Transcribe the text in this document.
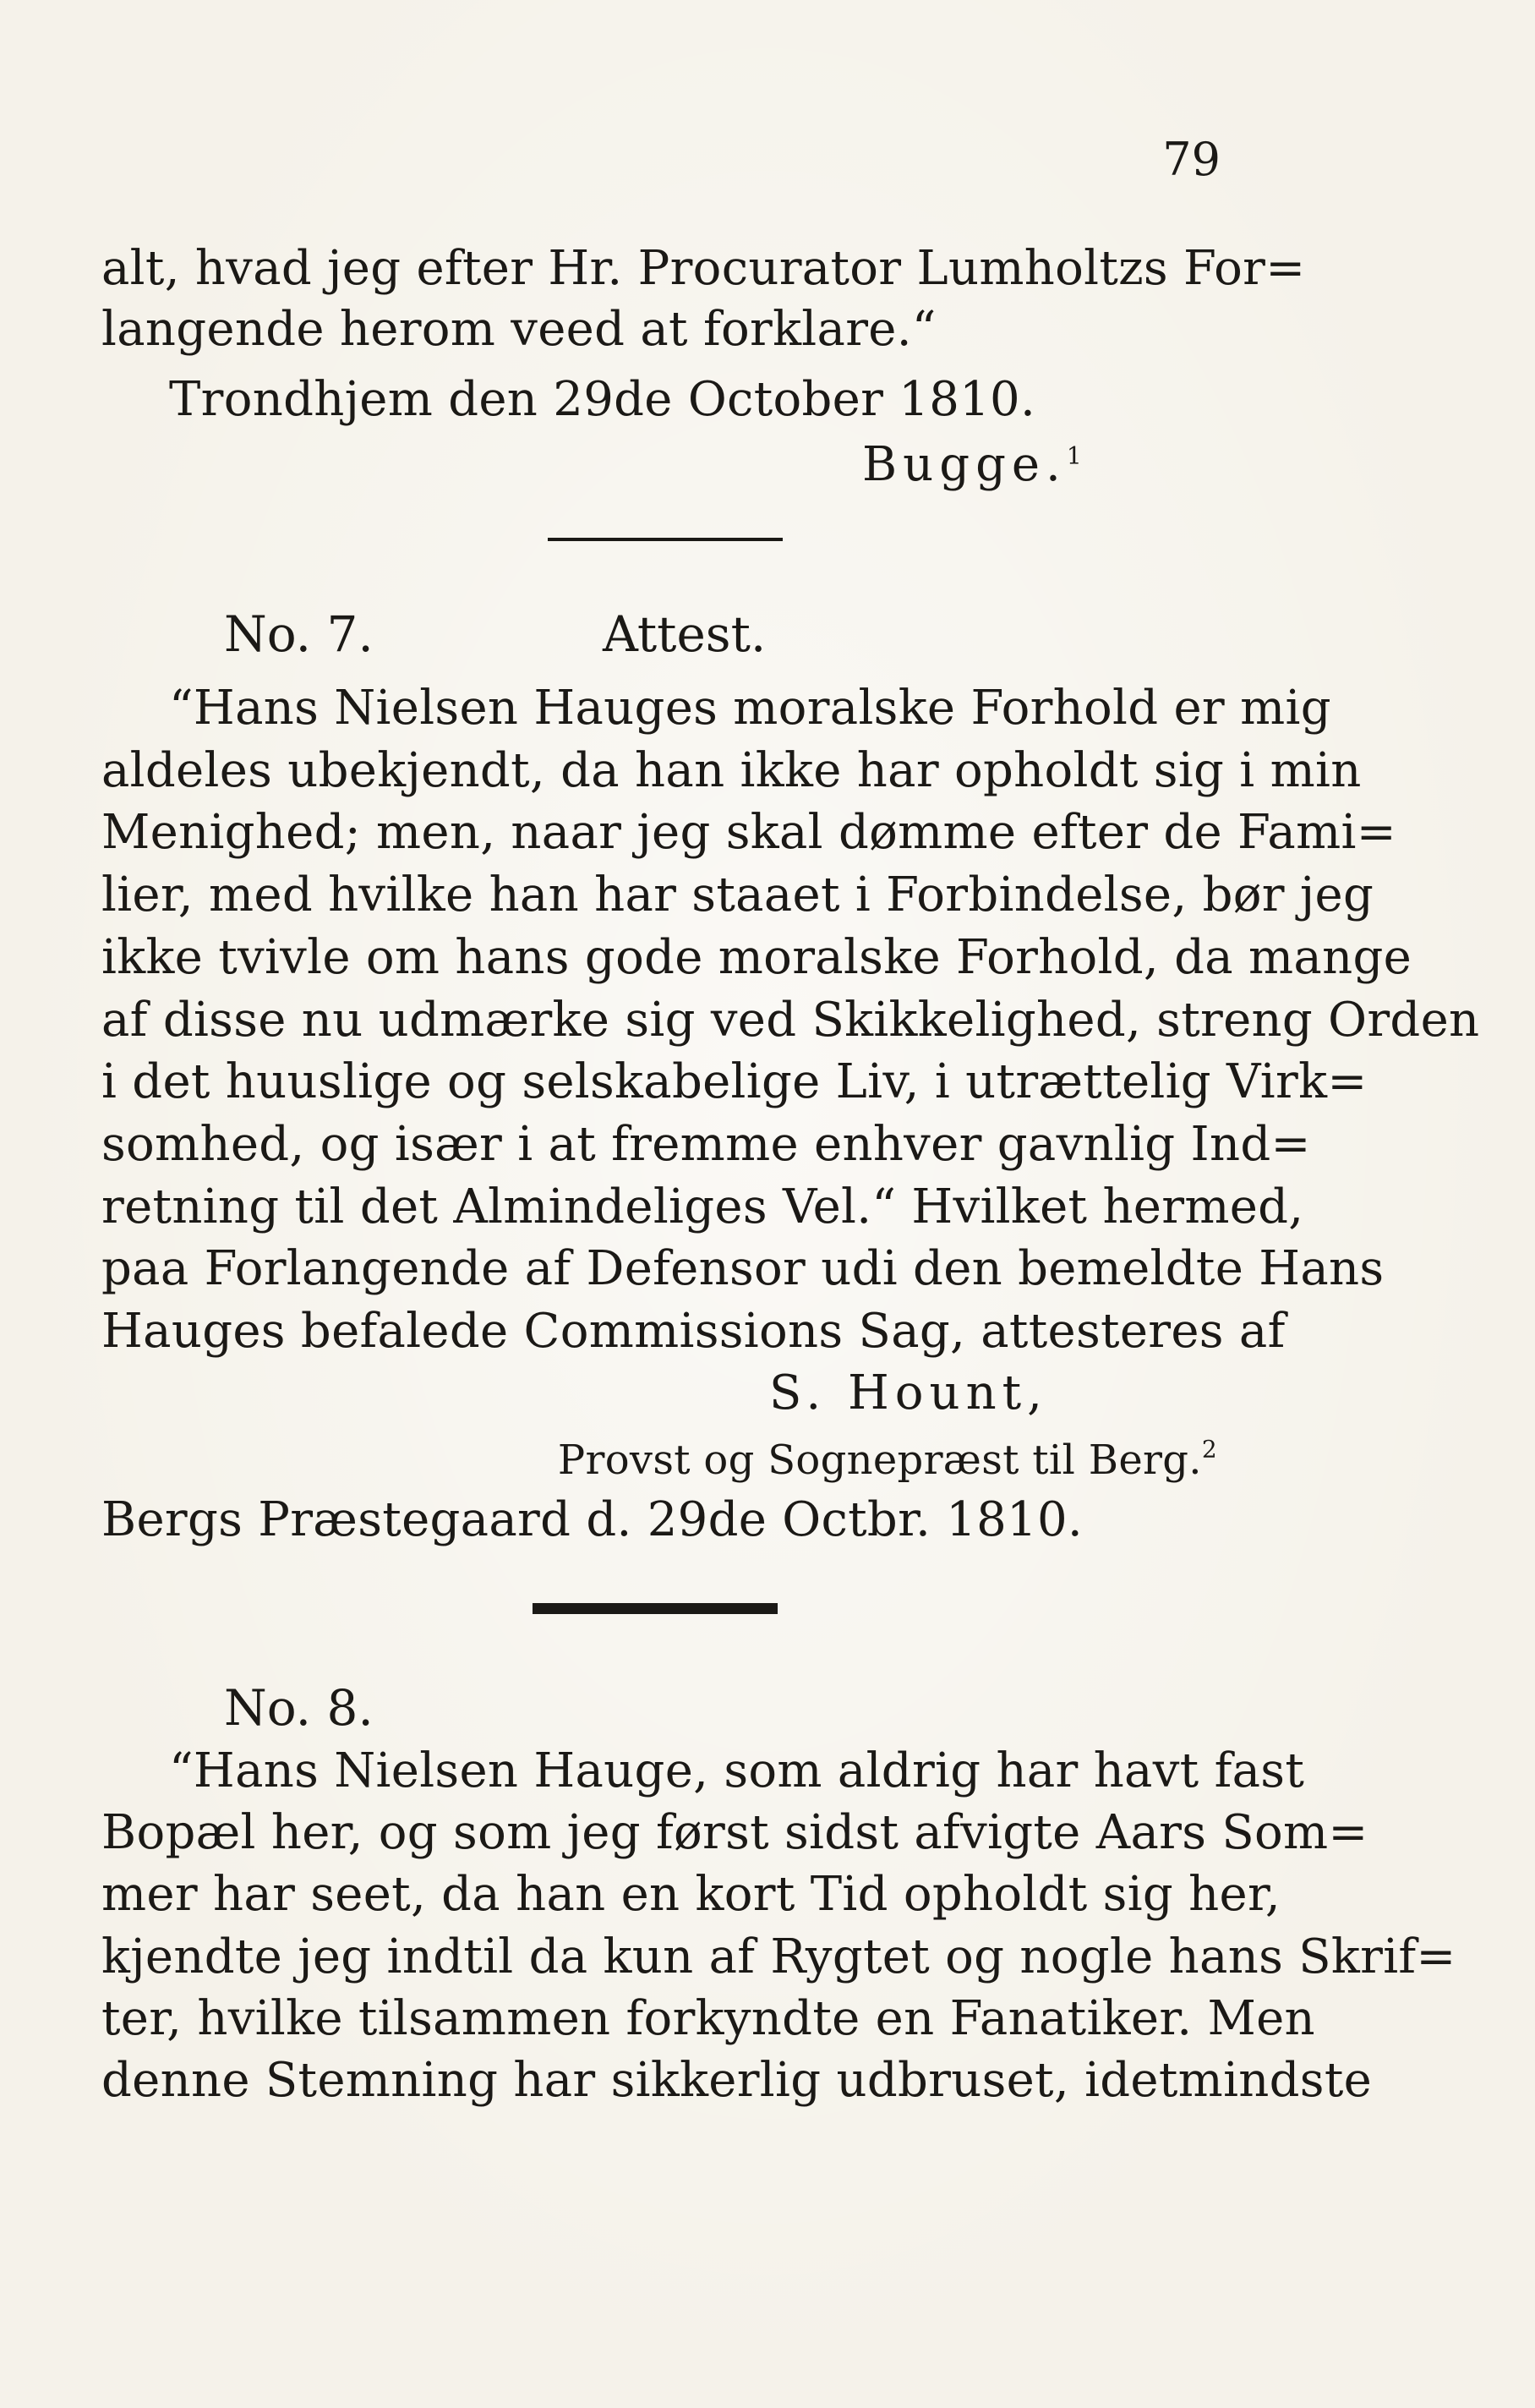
79
alt, hvad jeg efter Hr. Procurator Lumholtzs For=
langende herom veed at forklare.“
Trondhjem den 29de October 1810.
Bugge.$^1$
No. 7.	Attest.
“Hans Nielsen Hauges moralske Forhold er mig
aldeles ubekjendt, da han ikke har opholdt sig i min
Menighed; men, naar jeg skal dømme efter de Fami=
lier, med hvilke han har staaet i Forbindelse, bør jeg
ikke tvivle om hans gode moralske Forhold, da mange
af disse nu udmærke sig ved Skikkelighed, streng Orden
i det huuslige og selskabelige Liv, i utrættelig Virk=
somhed, og især i at fremme enhver gavnlig Ind=
retning til det Almindeliges Vel.“ Hvilket hermed,
paa Forlangende af Defensor udi den bemeldte Hans
Hauges befalede Commissions Sag, attesteres af
S. Hount,
Provst og Sognepræst til Berg.$^2$
Bergs Præstegaard d. 29de Octbr. 1810.
No. 8.
“Hans Nielsen Hauge, som aldrig har havt fast
Bopæl her, og som jeg først sidst afvigte Aars Som=
mer har seet, da han en kort Tid opholdt sig her,
kjendte jeg indtil da kun af Rygtet og nogle hans Skrif=
ter, hvilke tilsammen forkyndte en Fanatiker. Men
denne Stemning har sikkerlig udbruset, idetmindste
